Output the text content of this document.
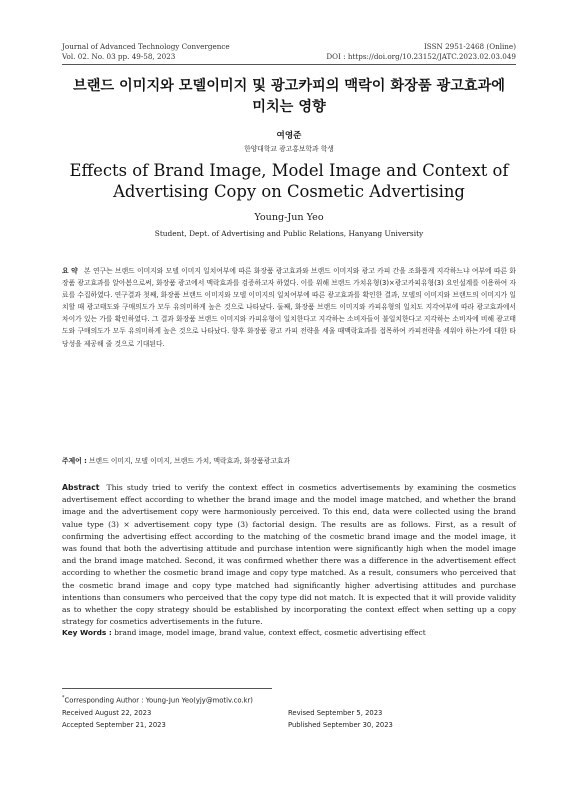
Journal of Advanced Technology Convergence	ISSN 2951-2468 (Online)
Vol. 02. No. 03 pp. 49-58, 2023	DOI : https://doi.org/10.23152/JATC.2023.02.03.049
브랜드 이미지와 모델이미지 및 광고카피의 맥락이 화장품 광고효과에 미치는 영향
여영준
한양대학교 광고홍보학과 학생
Effects of Brand Image, Model Image and Context of Advertising Copy on Cosmetic Advertising
Young-Jun Yeo
Student, Dept. of Advertising and Public Relations, Hanyang University
요 약 본 연구는 브랜드 이미지와 모델 이미지 일치여부에 따른 화장품 광고효과와 브랜드 이미지와 광고 카피 간을 조화롭게 지각하느냐 여부에 따른 화장품 광고효과를 알아봄으로써, 화장품 광고에서 맥락효과를 검증하고자 하였다. 이를 위해 브랜드 가치유형(3)×광고카피유형(3) 요인설계를 이용하여 자료를 수집하였다. 연구결과 첫째, 화장품 브랜드 이미지와 모델 이미지의 일치여부에 따른 광고효과를 확인한 결과, 모델의 이미지와 브랜드의 이미지가 일치할 때 광고태도와 구매의도가 모두 유의미하게 높은 것으로 나타났다. 둘째, 화장품 브랜드 이미지와 카피유형의 일치도 지각여부에 따라 광고효과에서 차이가 있는 가를 확인하였다. 그 결과 화장품 브랜드 이미지와 카피유형이 일치한다고 지각하는 소비자들이 불일치한다고 지각하는 소비자에 비해 광고태도와 구매의도가 모두 유의미하게 높은 것으로 나타났다. 향후 화장품 광고 카피 전략을 세울 때맥락효과를 접목하여 카피전략을 세워야 하는가에 대한 타당성을 제공해 줄 것으로 기대된다.
주제어 : 브랜드 이미지, 모델 이미지, 브랜드 가치, 맥락효과, 화장품광고효과
Abstract This study tried to verify the context effect in cosmetics advertisements by examining the cosmetics advertisement effect according to whether the brand image and the model image matched, and whether the brand image and the advertisement copy were harmoniously perceived. To this end, data were collected using the brand value type (3) × advertisement copy type (3) factorial design. The results are as follows. First, as a result of confirming the advertising effect according to the matching of the cosmetic brand image and the model image, it was found that both the advertising attitude and purchase intention were significantly high when the model image and the brand image matched. Second, it was confirmed whether there was a difference in the advertisement effect according to whether the cosmetic brand image and copy type matched. As a result, consumers who perceived that the cosmetic brand image and copy type matched had significantly higher advertising attitudes and purchase intentions than consumers who perceived that the copy type did not match. It is expected that it will provide validity as to whether the copy strategy should be established by incorporating the context effect when setting up a copy strategy for cosmetics advertisements in the future.
Key Words : brand image, model image, brand value, context effect, cosmetic advertising effect
*Corresponding Author : Young-Jun Yeo(yjy@motiv.co.kr)
Received August 22, 2023	Revised September 5, 2023
Accepted September 21, 2023	Published September 30, 2023
